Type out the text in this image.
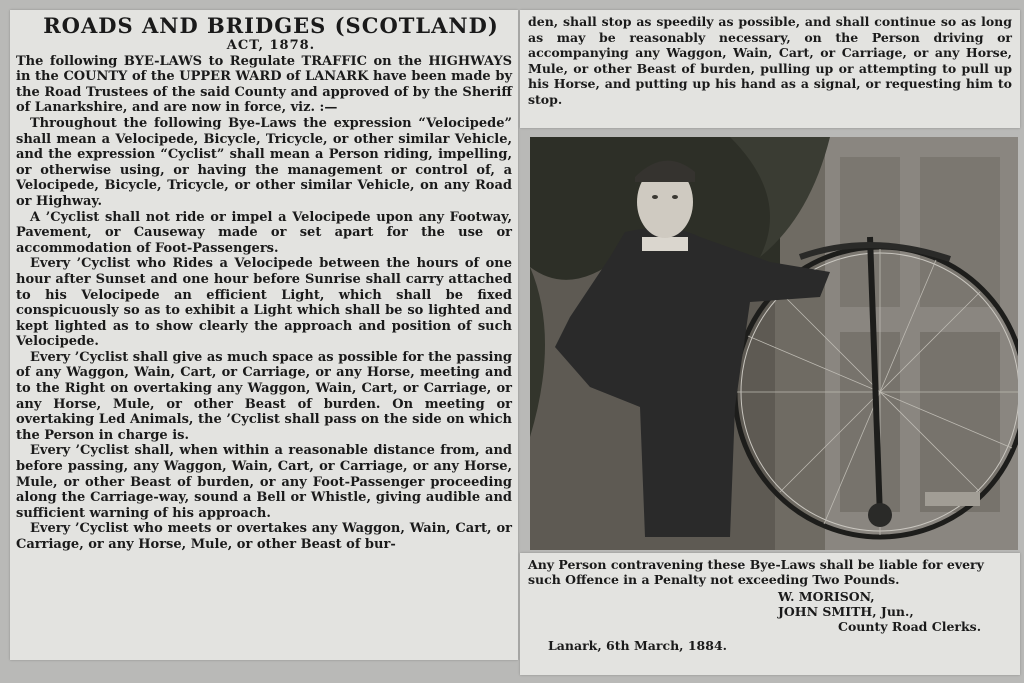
ROADS AND BRIDGES (SCOTLAND)

ACT, 1878.

The following BYE-LAWS to Regulate TRAFFIC on the HIGHWAYS in the COUNTY of the UPPER WARD of LANARK have been made by the Road Trustees of the said County and approved of by the Sheriff of Lanarkshire, and are now in force, viz. :—

Throughout the following Bye-Laws the expression “Velocipede” shall mean a Velocipede, Bicycle, Tricycle, or other similar Vehicle, and the expression “Cyclist” shall mean a Person riding, impelling, or otherwise using, or having the management or control of, a Velocipede, Bicycle, Tricycle, or other similar Vehicle, on any Road or Highway.

A ’Cyclist shall not ride or impel a Velocipede upon any Footway, Pavement, or Causeway made or set apart for the use or accommodation of Foot-Passengers.

Every ’Cyclist who Rides a Velocipede between the hours of one hour after Sunset and one hour before Sunrise shall carry attached to his Velocipede an efficient Light, which shall be fixed conspicuously so as to exhibit a Light which shall be so lighted and kept lighted as to show clearly the approach and position of such Velocipede.

Every ’Cyclist shall give as much space as possible for the passing of any Waggon, Wain, Cart, or Carriage, or any Horse, meeting and to the Right on overtaking any Waggon, Wain, Cart, or Carriage, or any Horse, Mule, or other Beast of burden. On meeting or overtaking Led Animals, the ’Cyclist shall pass on the side on which the Person in charge is.

Every ’Cyclist shall, when within a reasonable distance from, and before passing, any Waggon, Wain, Cart, or Carriage, or any Horse, Mule, or other Beast of burden, or any Foot-Passenger proceeding along the Carriage-way, sound a Bell or Whistle, giving audible and sufficient warning of his approach.

Every ’Cyclist who meets or overtakes any Waggon, Wain, Cart, or Carriage, or any Horse, Mule, or other Beast of bur-

den, shall stop as speedily as possible, and shall continue so as long as may be reasonably necessary, on the Person driving or accompanying any Waggon, Wain, Cart, or Carriage, or any Horse, Mule, or other Beast of burden, pulling up or attempting to pull up his Horse, and putting up his hand as a signal, or requesting him to stop.

Any Person contravening these Bye-Laws shall be liable for every such Offence in a Penalty not exceeding Two Pounds.

W. MORISON,
JOHN SMITH, Jun.,
County Road Clerks.
Lanark, 6th March, 1884.
